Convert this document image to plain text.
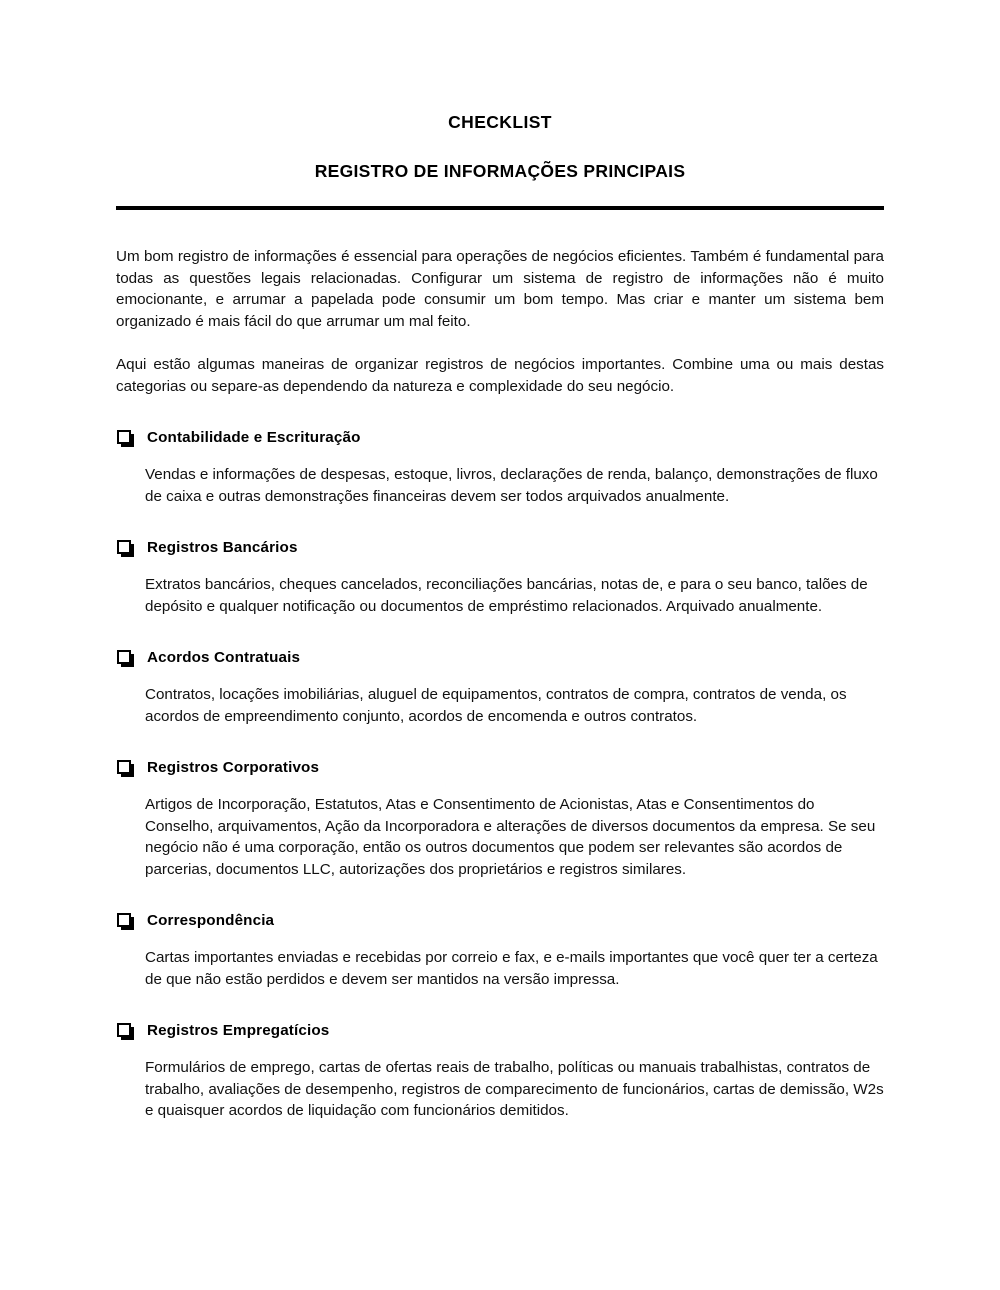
CHECKLIST
REGISTRO DE INFORMAÇÕES PRINCIPAIS

Um bom registro de informações é essencial para operações de negócios eficientes. Também é fundamental para todas as questões legais relacionadas. Configurar um sistema de registro de informações não é muito emocionante, e arrumar a papelada pode consumir um bom tempo. Mas criar e manter um sistema bem organizado é mais fácil do que arrumar um mal feito.

Aqui estão algumas maneiras de organizar registros de negócios importantes. Combine uma ou mais destas categorias ou separe-as dependendo da natureza e complexidade do seu negócio.

Contabilidade e Escrituração

Vendas e informações de despesas, estoque, livros, declarações de renda, balanço, demonstrações de fluxo de caixa e outras demonstrações financeiras devem ser todos arquivados anualmente.

Registros Bancários

Extratos bancários, cheques cancelados, reconciliações bancárias, notas de, e para o seu banco, talões de depósito e qualquer notificação ou documentos de empréstimo relacionados. Arquivado anualmente.

Acordos Contratuais

Contratos, locações imobiliárias, aluguel de equipamentos, contratos de compra, contratos de venda, os acordos de empreendimento conjunto, acordos de encomenda e outros contratos.

Registros Corporativos

Artigos de Incorporação, Estatutos, Atas e Consentimento de Acionistas, Atas e Consentimentos do Conselho, arquivamentos, Ação da Incorporadora e alterações de diversos documentos da empresa. Se seu negócio não é uma corporação, então os outros documentos que podem ser relevantes são acordos de parcerias, documentos LLC, autorizações dos proprietários e registros similares.

Correspondência

Cartas importantes enviadas e recebidas por correio e fax, e e-mails importantes que você quer ter a certeza de que não estão perdidos e devem ser mantidos na versão impressa.

Registros Empregatícios

Formulários de emprego, cartas de ofertas reais de trabalho, políticas ou manuais trabalhistas, contratos de trabalho, avaliações de desempenho, registros de comparecimento de funcionários, cartas de demissão, W2s e quaisquer acordos de liquidação com funcionários demitidos.
